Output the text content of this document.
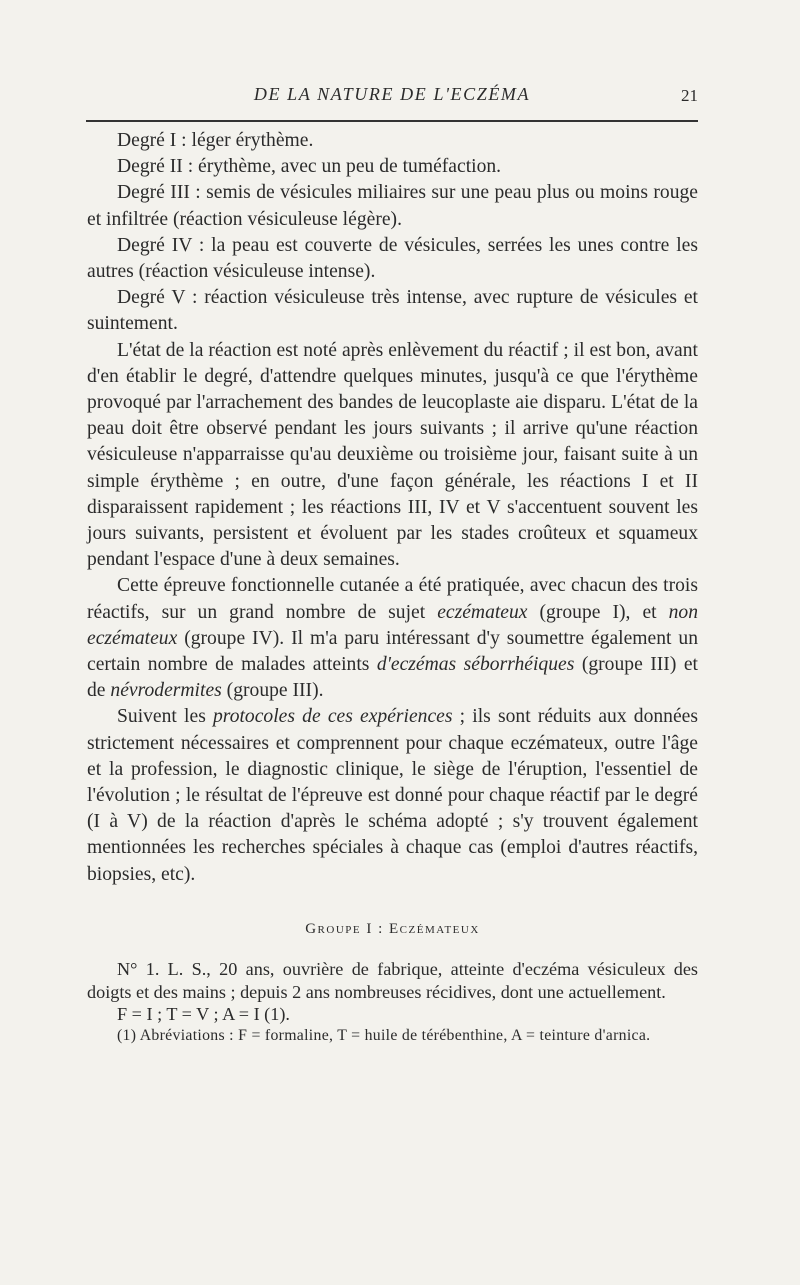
DE LA NATURE DE L'ECZÉMA	21

Degré I : léger érythème.

Degré II : érythème, avec un peu de tuméfaction.

Degré III : semis de vésicules miliaires sur une peau plus ou moins rouge et infiltrée (réaction vésiculeuse légère).

Degré IV : la peau est couverte de vésicules, serrées les unes contre les autres (réaction vésiculeuse intense).

Degré V : réaction vésiculeuse très intense, avec rupture de vésicules et suintement.

L'état de la réaction est noté après enlèvement du réactif ; il est bon, avant d'en établir le degré, d'attendre quelques minutes, jusqu'à ce que l'érythème provoqué par l'arrachement des bandes de leucoplaste aie disparu. L'état de la peau doit être observé pendant les jours suivants ; il arrive qu'une réaction vésiculeuse n'apparraisse qu'au deuxième ou troisième jour, faisant suite à un simple érythème ; en outre, d'une façon générale, les réactions I et II disparaissent rapidement ; les réactions III, IV et V s'accentuent souvent les jours suivants, persistent et évoluent par les stades croûteux et squameux pendant l'espace d'une à deux semaines.

Cette épreuve fonctionnelle cutanée a été pratiquée, avec chacun des trois réactifs, sur un grand nombre de sujet eczémateux (groupe I), et non eczémateux (groupe IV). Il m'a paru intéressant d'y soumettre également un certain nombre de malades atteints d'eczémas séborrhéiques (groupe III) et de névrodermites (groupe III).

Suivent les protocoles de ces expériences ; ils sont réduits aux données strictement nécessaires et comprennent pour chaque eczémateux, outre l'âge et la profession, le diagnostic clinique, le siège de l'éruption, l'essentiel de l'évolution ; le résultat de l'épreuve est donné pour chaque réactif par le degré (I à V) de la réaction d'après le schéma adopté ; s'y trouvent également mentionnées les recherches spéciales à chaque cas (emploi d'autres réactifs, biopsies, etc).

Groupe I : Eczémateux

N° 1. L. S., 20 ans, ouvrière de fabrique, atteinte d'eczéma vésiculeux des doigts et des mains ; depuis 2 ans nombreuses récidives, dont une actuellement.

F = I ; T = V ; A = I (1).

(1) Abréviations : F = formaline, T = huile de térébenthine, A = teinture d'arnica.
